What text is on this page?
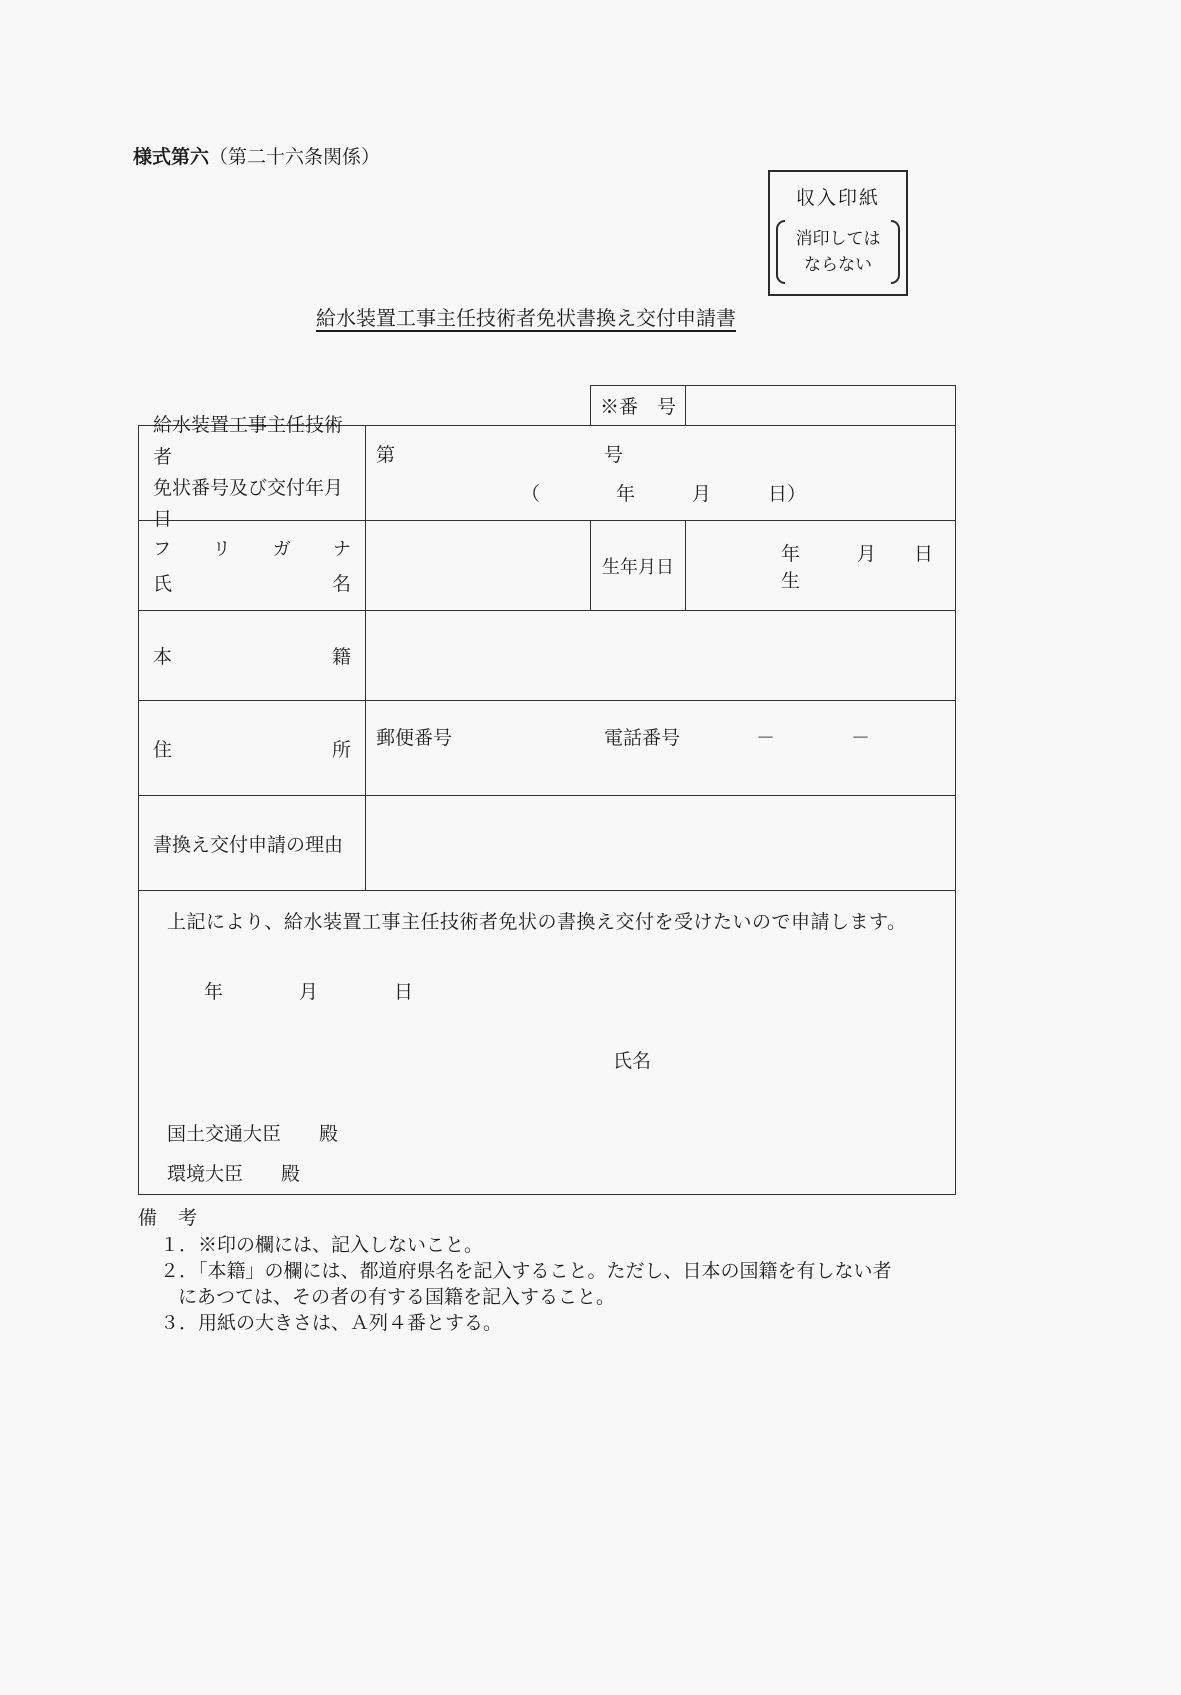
様式第六（第二十六条関係）
収入印紙
消印しては
ならない
給水装置工事主任技術者免状書換え交付申請書
※番　号
給水装置工事主任技術者
免状番号及び交付年月日
第　　　　　　　　　　　号
（　　　　年　　　月　　　日）
フリガナ
氏名
生年月日
年　　　月　　日　生
本籍
住所
郵便番号　　　　　　　　電話番号　　　　－　　　　－
書換え交付申請の理由
上記により、給水装置工事主任技術者免状の書換え交付を受けたいので申請します。
年　　　　月　　　　日
氏名
国土交通大臣　　殿
環境大臣　　殿
備　考
１．※印の欄には、記入しないこと。
２．「本籍」の欄には、都道府県名を記入すること。ただし、日本の国籍を有しない者
にあつては、その者の有する国籍を記入すること。
３．用紙の大きさは、Ａ列４番とする。
